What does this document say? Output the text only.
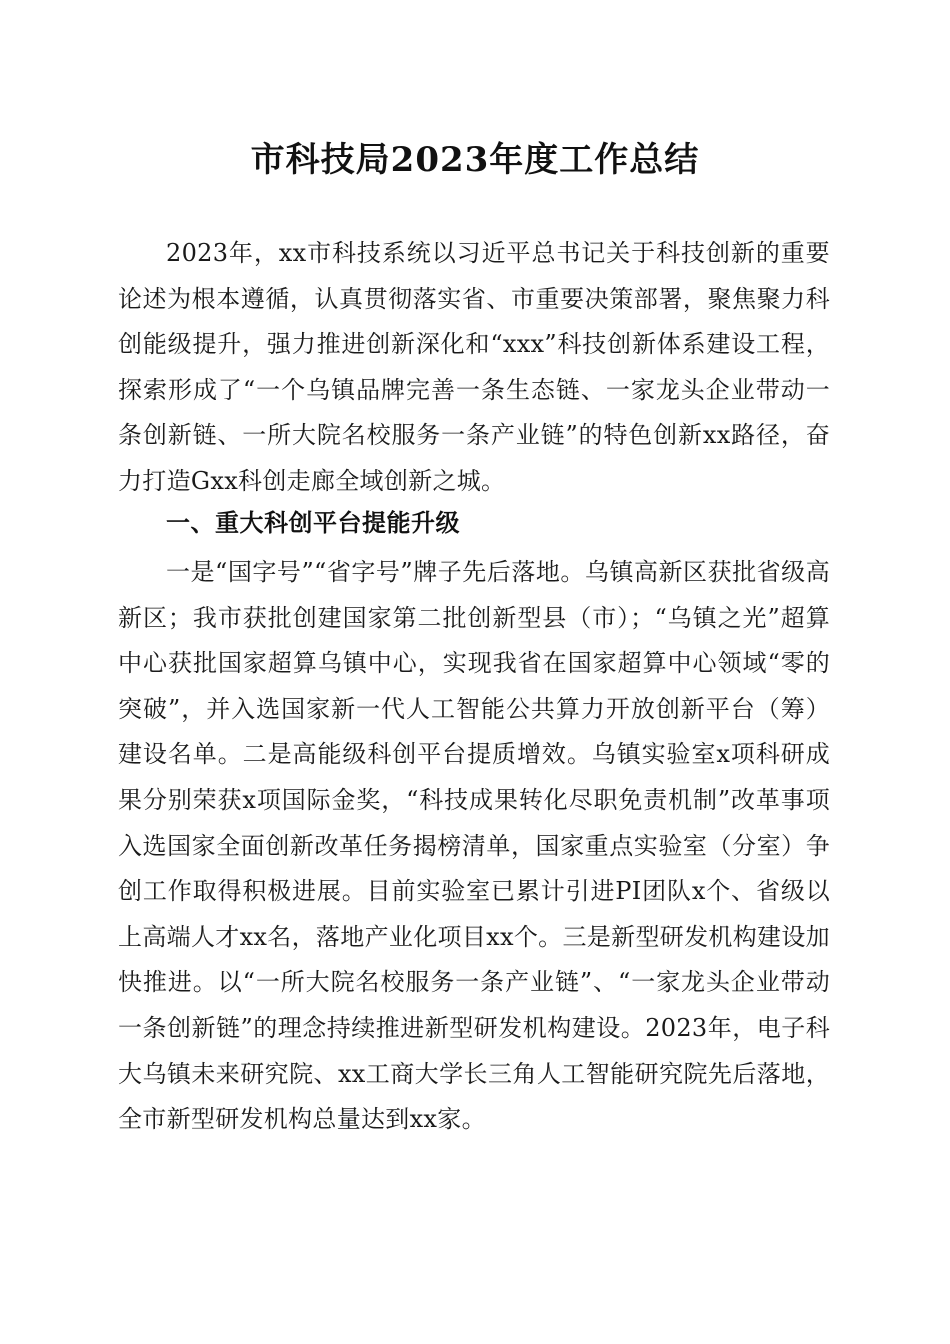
市科技局2023年度工作总结

2023年，xx市科技系统以习近平总书记关于科技创新的重要论述为根本遵循，认真贯彻落实省、市重要决策部署，聚焦聚力科创能级提升，强力推进创新深化和“xxx”科技创新体系建设工程，探索形成了“一个乌镇品牌完善一条生态链、一家龙头企业带动一条创新链、一所大院名校服务一条产业链”的特色创新xx路径，奋力打造Gxx科创走廊全域创新之城。

一、重大科创平台提能升级

一是“国字号”“省字号”牌子先后落地。乌镇高新区获批省级高新区；我市获批创建国家第二批创新型县（市）；“乌镇之光”超算中心获批国家超算乌镇中心，实现我省在国家超算中心领域“零的突破”，并入选国家新一代人工智能公共算力开放创新平台（筹）建设名单。二是高能级科创平台提质增效。乌镇实验室x项科研成果分别荣获x项国际金奖，“科技成果转化尽职免责机制”改革事项入选国家全面创新改革任务揭榜清单，国家重点实验室（分室）争创工作取得积极进展。目前实验室已累计引进PI团队x个、省级以上高端人才xx名，落地产业化项目xx个。三是新型研发机构建设加快推进。以“一所大院名校服务一条产业链”、“一家龙头企业带动一条创新链”的理念持续推进新型研发机构建设。2023年，电子科大乌镇未来研究院、xx工商大学长三角人工智能研究院先后落地，全市新型研发机构总量达到xx家。
